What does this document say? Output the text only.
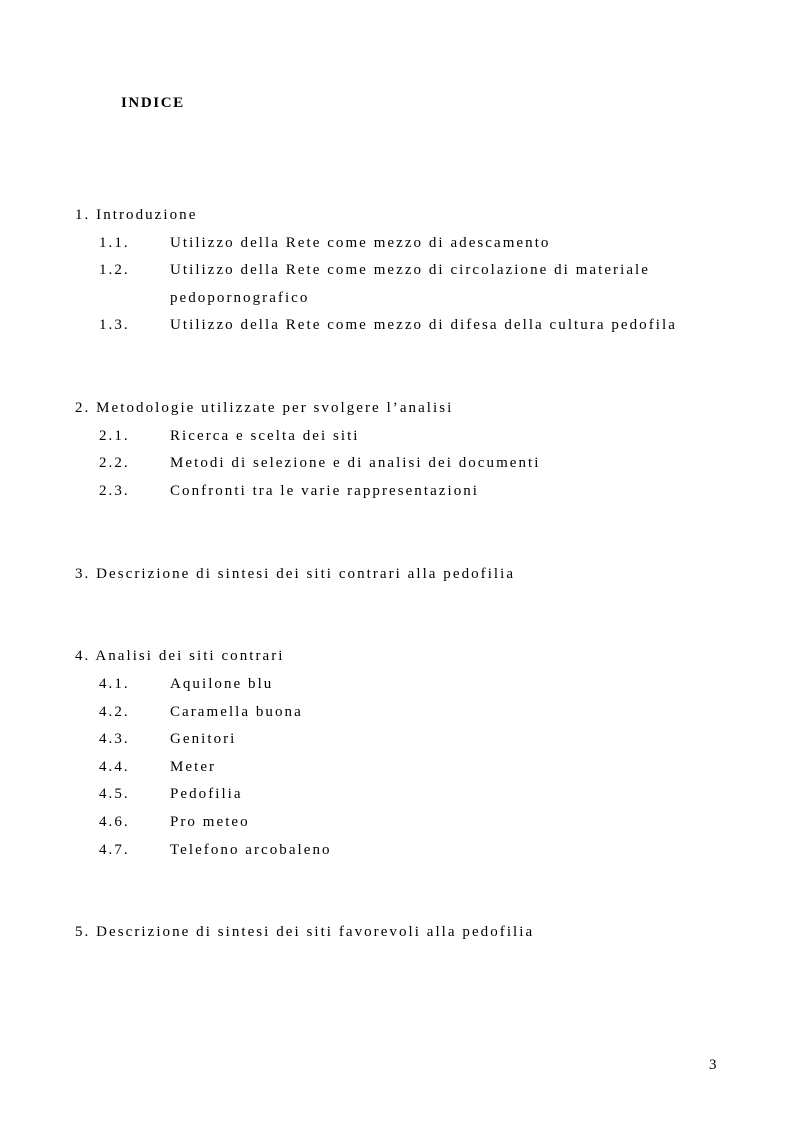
INDICE
1. Introduzione
1.1.	Utilizzo della Rete come mezzo di adescamento
1.2.	Utilizzo della Rete come mezzo di circolazione di materiale
pedopornografico
1.3.	Utilizzo della Rete come mezzo di difesa della cultura pedofila
2. Metodologie utilizzate per svolgere l’analisi
2.1.	Ricerca e scelta dei siti
2.2.	Metodi di selezione e di analisi dei documenti
2.3.	Confronti tra le varie rappresentazioni
3. Descrizione di sintesi dei siti contrari alla pedofilia
4. Analisi dei siti contrari
4.1.	Aquilone blu
4.2.	Caramella buona
4.3.	Genitori
4.4.	Meter
4.5.	Pedofilia
4.6.	Pro meteo
4.7.	Telefono arcobaleno
5. Descrizione di sintesi dei siti favorevoli alla pedofilia
3
